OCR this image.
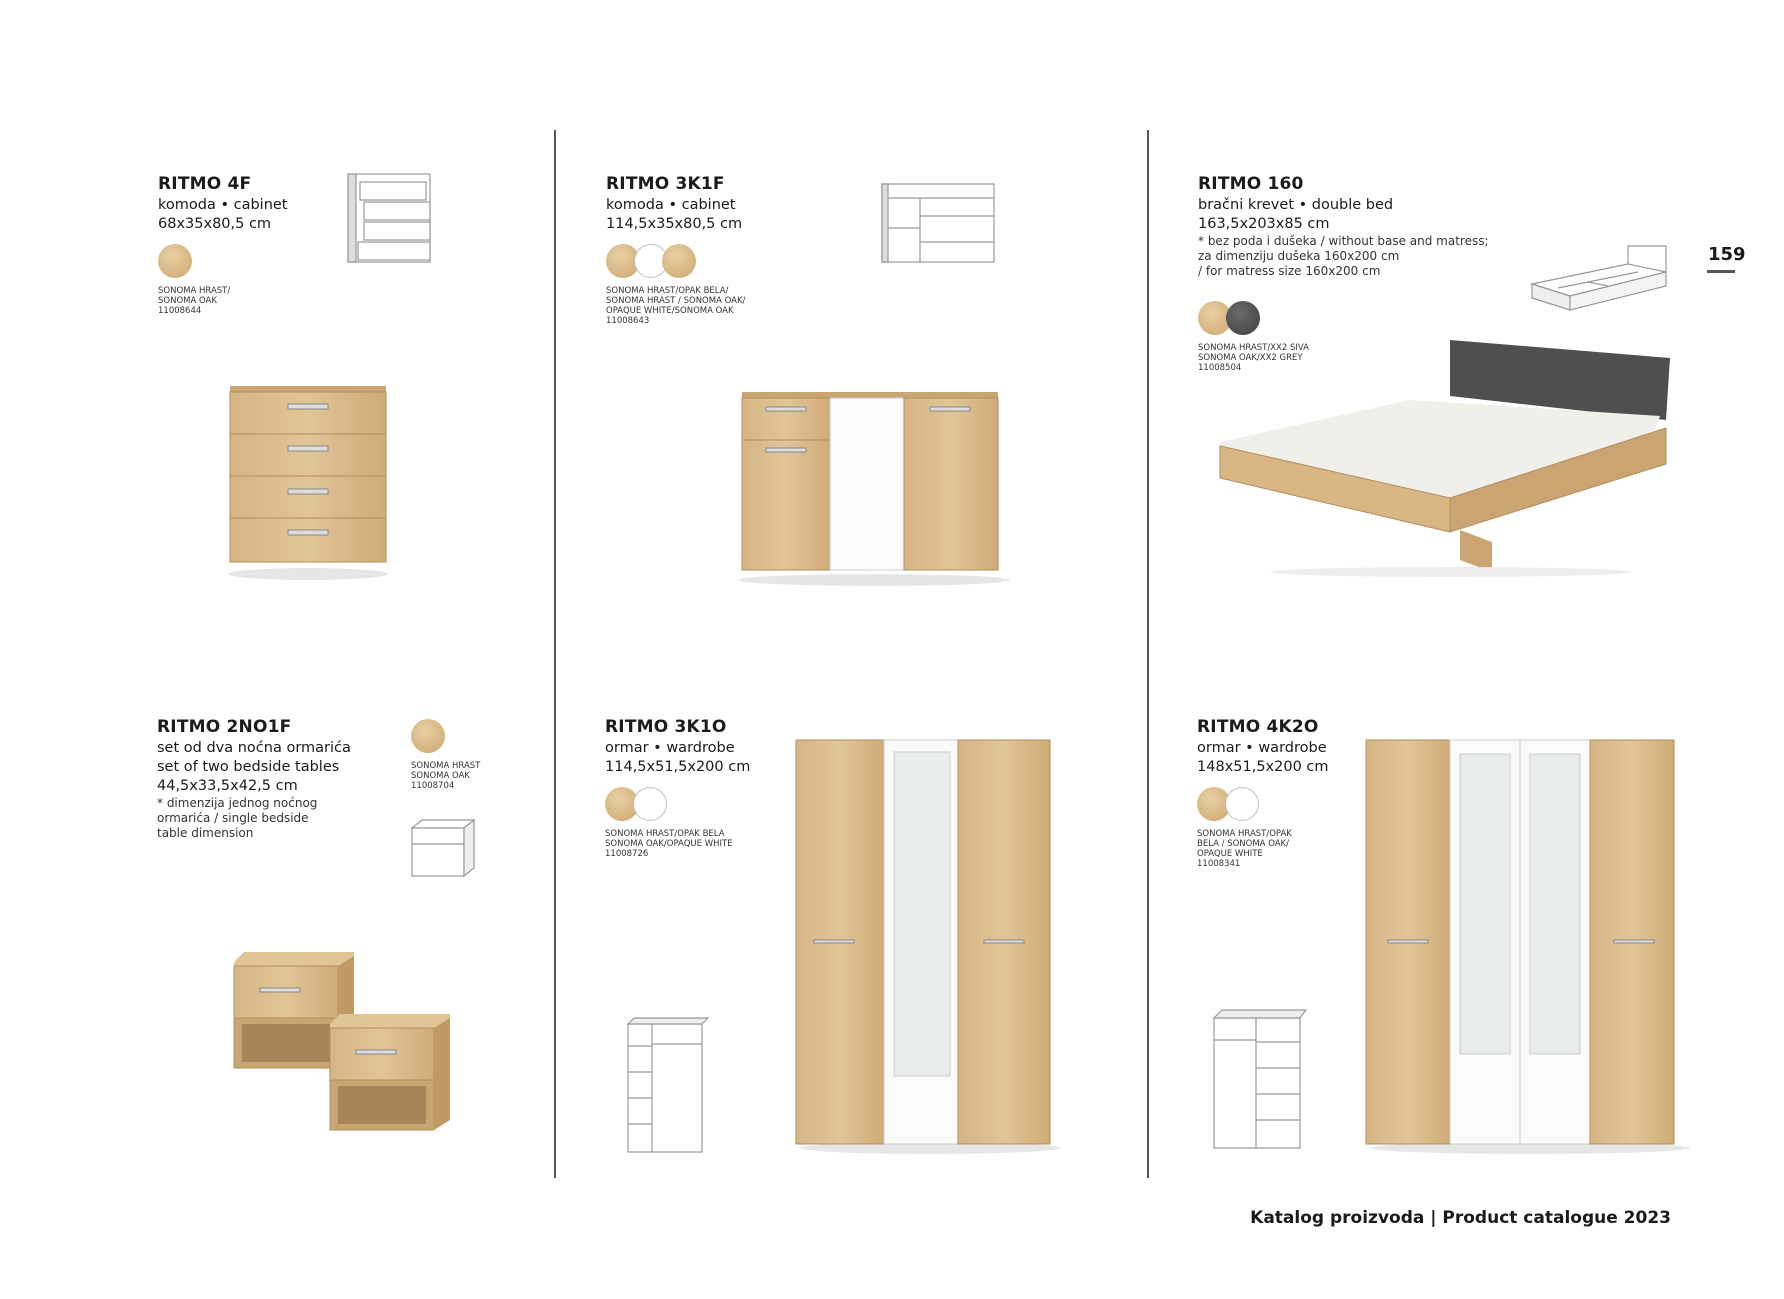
159
RITMO 4F
komoda • cabinet
68x35x80,5 cm
SONOMA HRAST/
SONOMA OAK
11008644
RITMO 3K1F
komoda • cabinet
114,5x35x80,5 cm
SONOMA HRAST/OPAK BELA/
SONOMA HRAST / SONOMA OAK/
OPAQUE WHITE/SONOMA OAK
11008643
RITMO 160
bračni krevet • double bed
163,5x203x85 cm
* bez poda i dušeka / without base and matress;
za dimenziju dušeka 160x200 cm
/ for matress size 160x200 cm
SONOMA HRAST/XX2 SIVA
SONOMA OAK/XX2 GREY
11008504
RITMO 2NO1F
set od dva noćna ormarića
set of two bedside tables
44,5x33,5x42,5 cm
* dimenzija jednog noćnog
ormarića / single bedside
table dimension
SONOMA HRAST
SONOMA OAK
11008704
RITMO 3K1O
ormar • wardrobe
114,5x51,5x200 cm
SONOMA HRAST/OPAK BELA
SONOMA OAK/OPAQUE WHITE
11008726
RITMO 4K2O
ormar • wardrobe
148x51,5x200 cm
SONOMA HRAST/OPAK
BELA / SONOMA OAK/
OPAQUE WHITE
11008341
Katalog proizvoda | Product catalogue 2023
